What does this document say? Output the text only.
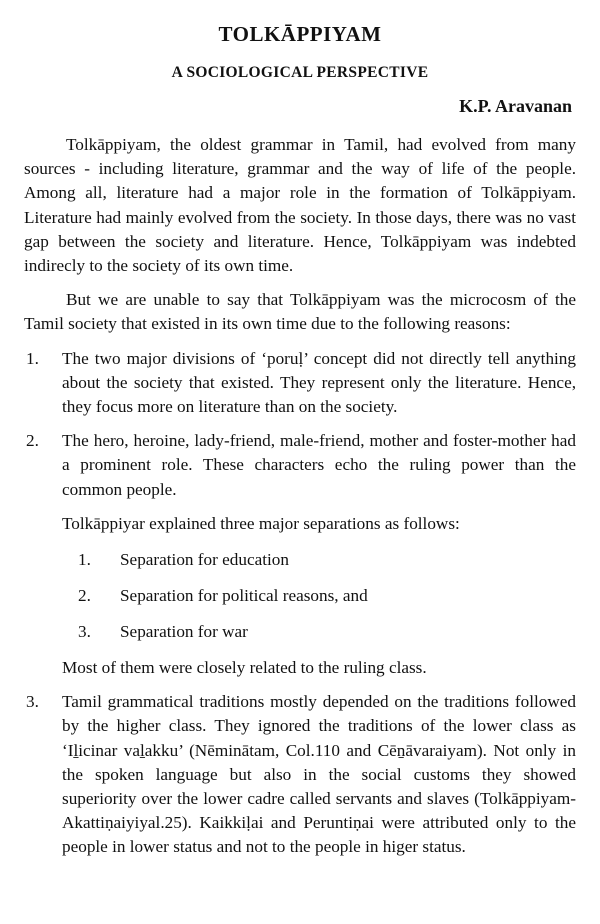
TOLKĀPPIYAM
A SOCIOLOGICAL PERSPECTIVE
K.P. Aravanan

Tolkāppiyam, the oldest grammar in Tamil, had evolved from many sources - including literature, grammar and the way of life of the people. Among all, literature had a major role in the formation of Tolkāppiyam. Literature had mainly evolved from the society. In those days, there was no vast gap between the society and literature. Hence, Tolkāppiyam was indebted indirecly to the society of its own time.

But we are unable to say that Tolkāppiyam was the microcosm of the Tamil society that existed in its own time due to the following reasons:

1. The two major divisions of ‘poruḷ’ concept did not directly tell anything about the society that existed. They represent only the literature. Hence, they focus more on literature than on the society.
2. The hero, heroine, lady-friend, male-friend, mother and foster-mother had a prominent role. These characters echo the ruling power than the common people.
Tolkāppiyar explained three major separations as follows:
1. Separation for education
2. Separation for political reasons, and
3. Separation for war
Most of them were closely related to the ruling class.
3. Tamil grammatical traditions mostly depended on the traditions followed by the higher class. They ignored the traditions of the lower class as ‘Iḻicinar vaḻakku’ (Nēminātam, Col.110 and Cēṉāvaraiyam). Not only in the spoken language but also in the social customs they showed superiority over the lower cadre called servants and slaves (Tolkāppiyam-Akattiṇaiyiyal.25). Kaikkiḷai and Peruntiṇai were attributed only to the people in lower status and not to the people in higer status.
